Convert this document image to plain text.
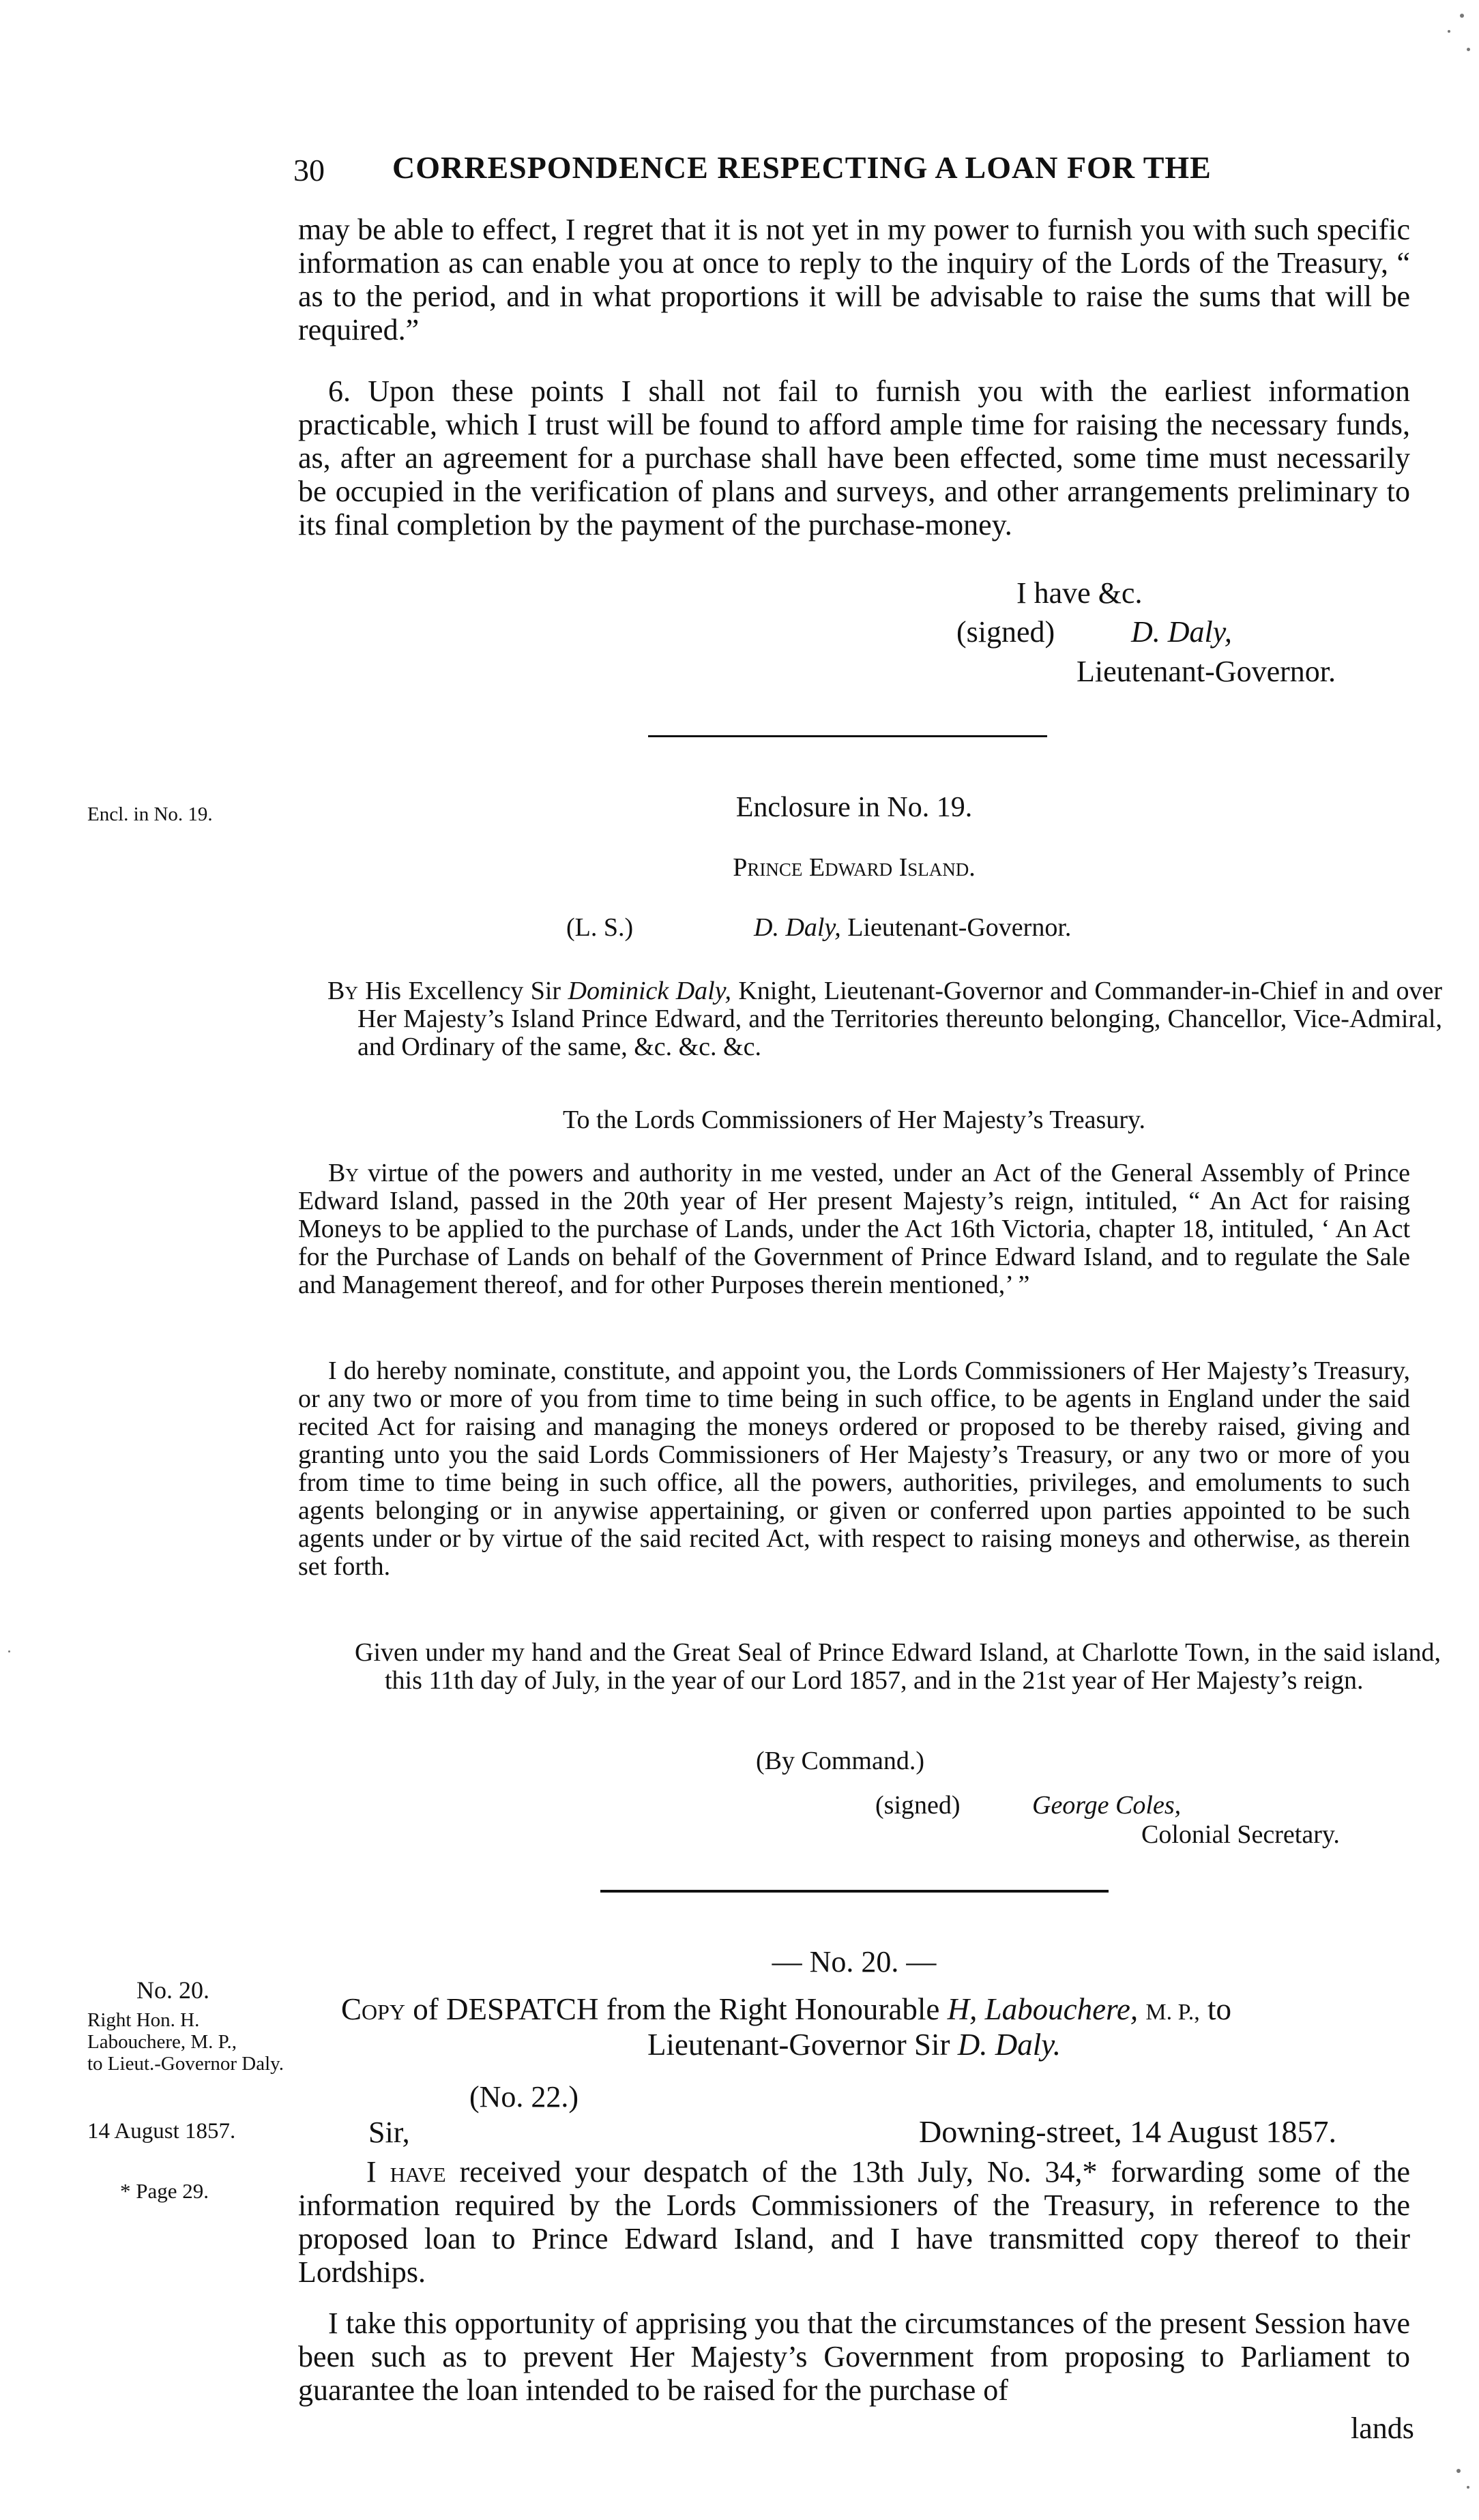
30 CORRESPONDENCE RESPECTING A LOAN FOR THE

may be able to effect, I regret that it is not yet in my power to furnish you with such specific information as can enable you at once to reply to the inquiry of the Lords of the Treasury, “ as to the period, and in what proportions it will be advisable to raise the sums that will be required.”

6. Upon these points I shall not fail to furnish you with the earliest information practicable, which I trust will be found to afford ample time for raising the necessary funds, as, after an agreement for a purchase shall have been effected, some time must necessarily be occupied in the verification of plans and surveys, and other arrangements preliminary to its final completion by the payment of the purchase-money.

I have &c.
(signed)	D. Daly,
Lieutenant-Governor.
Encl. in No. 19.	Enclosure in No. 19.
Prince Edward Island.
(L. S.)	D. Daly, Lieutenant-Governor.

By His Excellency Sir Dominick Daly, Knight, Lieutenant-Governor and Commander-in-Chief in and over Her Majesty’s Island Prince Edward, and the Territories thereunto belonging, Chancellor, Vice-Admiral, and Ordinary of the same, &c. &c. &c.

To the Lords Commissioners of Her Majesty’s Treasury.

By virtue of the powers and authority in me vested, under an Act of the General Assembly of Prince Edward Island, passed in the 20th year of Her present Majesty’s reign, intituled, “ An Act for raising Moneys to be applied to the purchase of Lands, under the Act 16th Victoria, chapter 18, intituled, ‘ An Act for the Purchase of Lands on behalf of the Government of Prince Edward Island, and to regulate the Sale and Management thereof, and for other Purposes therein mentioned,’ ”

I do hereby nominate, constitute, and appoint you, the Lords Commissioners of Her Majesty’s Treasury, or any two or more of you from time to time being in such office, to be agents in England under the said recited Act for raising and managing the moneys ordered or proposed to be thereby raised, giving and granting unto you the said Lords Commissioners of Her Majesty’s Treasury, or any two or more of you from time to time being in such office, all the powers, authorities, privileges, and emoluments to such agents belonging or in anywise appertaining, or given or conferred upon parties appointed to be such agents under or by virtue of the said recited Act, with respect to raising moneys and otherwise, as therein set forth.

Given under my hand and the Great Seal of Prince Edward Island, at Charlotte Town, in the said island, this 11th day of July, in the year of our Lord 1857, and in the 21st year of Her Majesty’s reign.

(By Command.)
(signed)	George Coles,
Colonial Secretary.
— No. 20. —
No. 20.
Right Hon. H. Labouchere, M. P.,
to Lieut.-Governor Daly.
14 August 1857.
* Page 29.
Copy of DESPATCH from the Right Honourable H, Labouchere, M. P., to
Lieutenant-Governor Sir D. Daly.
(No. 22.)
Sir,	Downing-street, 14 August 1857.

I have received your despatch of the 13th July, No. 34,* forwarding some of the information required by the Lords Commissioners of the Treasury, in reference to the proposed loan to Prince Edward Island, and I have transmitted copy thereof to their Lordships.

I take this opportunity of apprising you that the circumstances of the present Session have been such as to prevent Her Majesty’s Government from proposing to Parliament to guarantee the loan intended to be raised for the purchase of

lands
